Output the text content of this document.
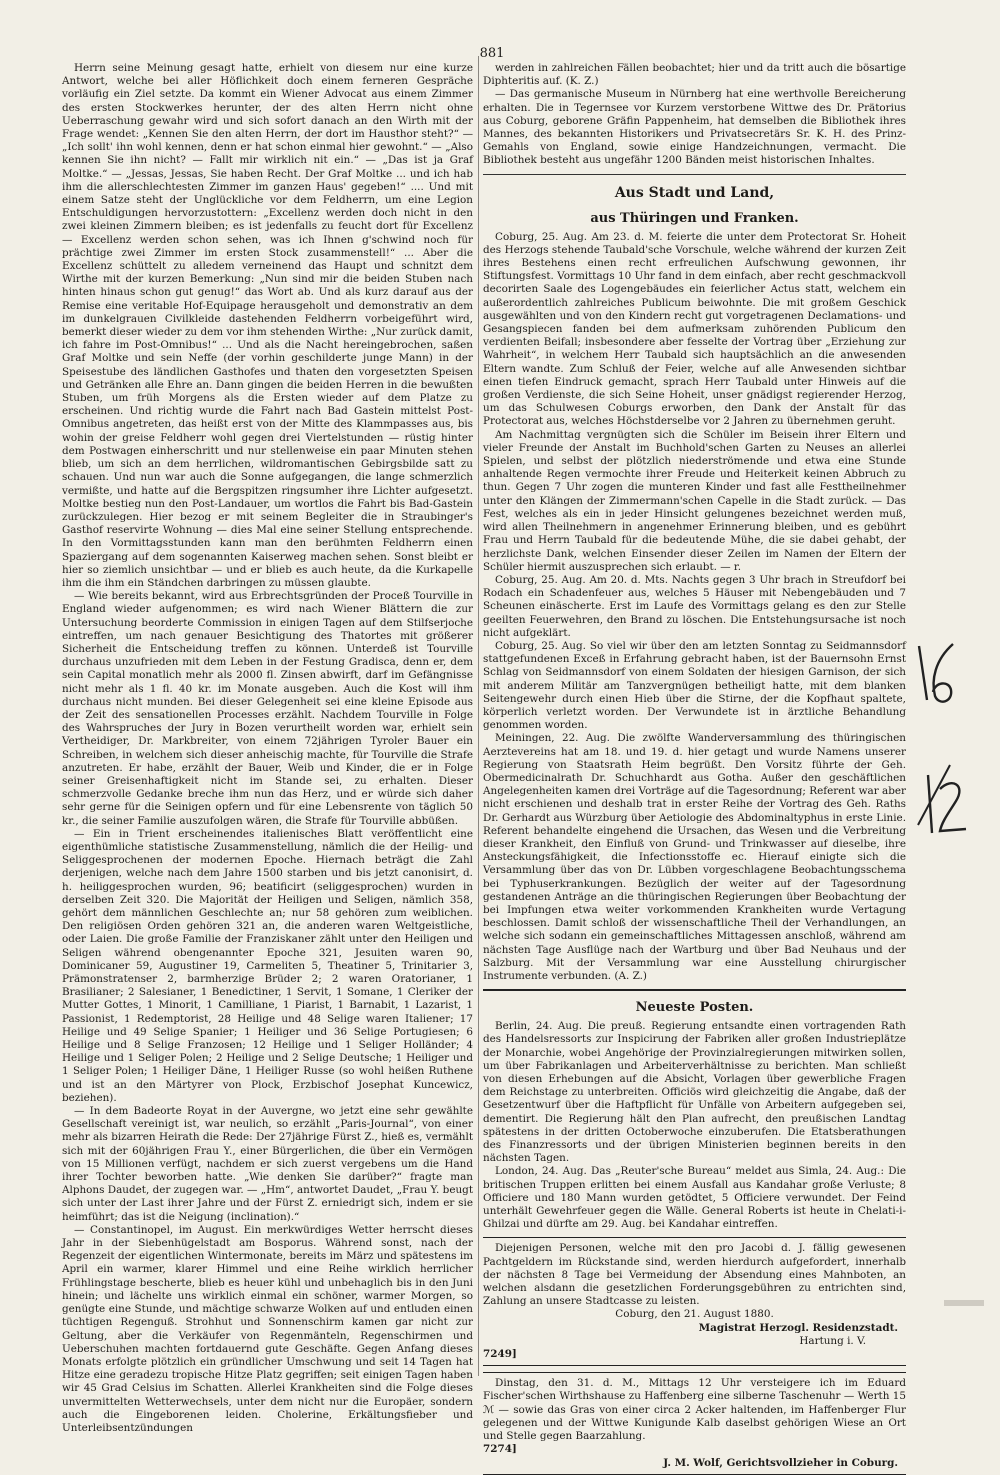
881

Herrn seine Meinung gesagt hatte, erhielt von diesem nur eine kurze Antwort, welche bei aller Höflichkeit doch einem ferneren Gespräche vorläufig ein Ziel setzte. Da kommt ein Wiener Advocat aus einem Zimmer des ersten Stockwerkes herunter, der des alten Herrn nicht ohne Ueberraschung gewahr wird und sich sofort danach an den Wirth mit der Frage wendet: „Kennen Sie den alten Herrn, der dort im Hausthor steht?“ — „Ich sollt' ihn wohl kennen, denn er hat schon einmal hier gewohnt.“ — „Also kennen Sie ihn nicht? — Fallt mir wirklich nit ein.“ — „Das ist ja Graf Moltke.“ — „Jessas, Jessas, Sie haben Recht. Der Graf Moltke ... und ich hab ihm die allerschlechtesten Zimmer im ganzen Haus' gegeben!“ .... Und mit einem Satze steht der Unglückliche vor dem Feldherrn, um eine Legion Entschuldigungen hervorzustottern: „Excellenz werden doch nicht in den zwei kleinen Zimmern bleiben; es ist jedenfalls zu feucht dort für Excellenz — Excellenz werden schon sehen, was ich Ihnen g'schwind noch für prächtige zwei Zimmer im ersten Stock zusammenstell!“ ... Aber die Excellenz schüttelt zu alledem verneinend das Haupt und schnitzt dem Wirthe mit der kurzen Bemerkung: „Nun sind mir die beiden Stuben nach hinten hinaus schon gut genug!“ das Wort ab. Und als kurz darauf aus der Remise eine veritable Hof-Equipage herausgeholt und demonstrativ an dem im dunkelgrauen Civilkleide dastehenden Feldherrn vorbeigeführt wird, bemerkt dieser wieder zu dem vor ihm stehenden Wirthe: „Nur zurück damit, ich fahre im Post-Omnibus!“ ... Und als die Nacht hereingebrochen, saßen Graf Moltke und sein Neffe (der vorhin geschilderte junge Mann) in der Speisestube des ländlichen Gasthofes und thaten den vorgesetzten Speisen und Getränken alle Ehre an. Dann gingen die beiden Herren in die bewußten Stuben, um früh Morgens als die Ersten wieder auf dem Platze zu erscheinen. Und richtig wurde die Fahrt nach Bad Gastein mittelst Post-Omnibus angetreten, das heißt erst von der Mitte des Klammpasses aus, bis wohin der greise Feldherr wohl gegen drei Viertelstunden — rüstig hinter dem Postwagen einherschritt und nur stellenweise ein paar Minuten stehen blieb, um sich an dem herrlichen, wildromantischen Gebirgsbilde satt zu schauen. Und nun war auch die Sonne aufgegangen, die lange schmerzlich vermißte, und hatte auf die Bergspitzen ringsumher ihre Lichter aufgesetzt. Moltke bestieg nun den Post-Landauer, um wortlos die Fahrt bis Bad-Gastein zurückzulegen. Hier bezog er mit seinem Begleiter die in Straubinger's Gasthof reservirte Wohnung — dies Mal eine seiner Stellung entsprechende. In den Vormittagsstunden kann man den berühmten Feldherrn einen Spaziergang auf dem sogenannten Kaiserweg machen sehen. Sonst bleibt er hier so ziemlich unsichtbar — und er blieb es auch heute, da die Kurkapelle ihm die ihm ein Ständchen darbringen zu müssen glaubte.

— Wie bereits bekannt, wird aus Erbrechtsgründen der Proceß Tourville in England wieder aufgenommen; es wird nach Wiener Blättern die zur Untersuchung beorderte Commission in einigen Tagen auf dem Stilfserjoche eintreffen, um nach genauer Besichtigung des Thatortes mit größerer Sicherheit die Entscheidung treffen zu können. Unterdeß ist Tourville durchaus unzufrieden mit dem Leben in der Festung Gradisca, denn er, dem sein Capital monatlich mehr als 2000 fl. Zinsen abwirft, darf im Gefängnisse nicht mehr als 1 fl. 40 kr. im Monate ausgeben. Auch die Kost will ihm durchaus nicht munden. Bei dieser Gelegenheit sei eine kleine Episode aus der Zeit des sensationellen Processes erzählt. Nachdem Tourville in Folge des Wahrspruches der Jury in Bozen verurtheilt worden war, erhielt sein Vertheidiger, Dr. Markbreiter, von einem 72jährigen Tyroler Bauer ein Schreiben, in welchem sich dieser anheischig machte, für Tourville die Strafe anzutreten. Er habe, erzählt der Bauer, Weib und Kinder, die er in Folge seiner Greisenhaftigkeit nicht im Stande sei, zu erhalten. Dieser schmerzvolle Gedanke breche ihm nun das Herz, und er würde sich daher sehr gerne für die Seinigen opfern und für eine Lebensrente von täglich 50 kr., die seiner Familie auszufolgen wären, die Strafe für Tourville abbüßen.

— Ein in Trient erscheinendes italienisches Blatt veröffentlicht eine eigenthümliche statistische Zusammenstellung, nämlich die der Heilig- und Seliggesprochenen der modernen Epoche. Hiernach beträgt die Zahl derjenigen, welche nach dem Jahre 1500 starben und bis jetzt canonisirt, d. h. heiliggesprochen wurden, 96; beatificirt (seliggesprochen) wurden in derselben Zeit 320. Die Majorität der Heiligen und Seligen, nämlich 358, gehört dem männlichen Geschlechte an; nur 58 gehören zum weiblichen. Den religiösen Orden gehören 321 an, die anderen waren Weltgeistliche, oder Laien. Die große Familie der Franziskaner zählt unter den Heiligen und Seligen während obengenannter Epoche 321, Jesuiten waren 90, Dominicaner 59, Augustiner 19, Carmeliten 5, Theatiner 5, Trinitarier 3, Prämonstratenser 2, barmherzige Brüder 2; 2 waren Oratorianer, 1 Brasilianer; 2 Salesianer, 1 Benedictiner, 1 Servit, 1 Somane, 1 Cleriker der Mutter Gottes, 1 Minorit, 1 Camilliane, 1 Piarist, 1 Barnabit, 1 Lazarist, 1 Passionist, 1 Redemptorist, 28 Heilige und 48 Selige waren Italiener; 17 Heilige und 49 Selige Spanier; 1 Heiliger und 36 Selige Portugiesen; 6 Heilige und 8 Selige Franzosen; 12 Heilige und 1 Seliger Holländer; 4 Heilige und 1 Seliger Polen; 2 Heilige und 2 Selige Deutsche; 1 Heiliger und 1 Seliger Polen; 1 Heiliger Däne, 1 Heiliger Russe (so wohl heißen Ruthene und ist an den Märtyrer von Plock, Erzbischof Josephat Kuncewicz, beziehen).

— In dem Badeorte Royat in der Auvergne, wo jetzt eine sehr gewählte Gesellschaft vereinigt ist, war neulich, so erzählt „Paris-Journal“, von einer mehr als bizarren Heirath die Rede: Der 27jährige Fürst Z., hieß es, vermählt sich mit der 60jährigen Frau Y., einer Bürgerlichen, die über ein Vermögen von 15 Millionen verfügt, nachdem er sich zuerst vergebens um die Hand ihrer Tochter beworben hatte. „Wie denken Sie darüber?“ fragte man Alphons Daudet, der zugegen war. — „Hm“, antwortet Daudet, „Frau Y. beugt sich unter der Last ihrer Jahre und der Fürst Z. erniedrigt sich, indem er sie heimführt; das ist die Neigung (inclination).“

— Constantinopel, im August. Ein merkwürdiges Wetter herrscht dieses Jahr in der Siebenhügelstadt am Bosporus. Während sonst, nach der Regenzeit der eigentlichen Wintermonate, bereits im März und spätestens im April ein warmer, klarer Himmel und eine Reihe wirklich herrlicher Frühlingstage bescherte, blieb es heuer kühl und unbehaglich bis in den Juni hinein; und lächelte uns wirklich einmal ein schöner, warmer Morgen, so genügte eine Stunde, und mächtige schwarze Wolken auf und entluden einen tüchtigen Regenguß. Strohhut und Sonnenschirm kamen gar nicht zur Geltung, aber die Verkäufer von Regenmänteln, Regenschirmen und Ueberschuhen machten fortdauernd gute Geschäfte. Gegen Anfang dieses Monats erfolgte plötzlich ein gründlicher Umschwung und seit 14 Tagen hat Hitze eine geradezu tropische Hitze Platz gegriffen; seit einigen Tagen haben wir 45 Grad Celsius im Schatten. Allerlei Krankheiten sind die Folge dieses unvermittelten Wetterwechsels, unter dem nicht nur die Europäer, sondern auch die Eingeborenen leiden. Cholerine, Erkältungsfieber und Unterleibsentzündungen

werden in zahlreichen Fällen beobachtet; hier und da tritt auch die bösartige Diphteritis auf. (K. Z.)

— Das germanische Museum in Nürnberg hat eine werthvolle Bereicherung erhalten. Die in Tegernsee vor Kurzem verstorbene Wittwe des Dr. Prätorius aus Coburg, geborene Gräfin Pappenheim, hat demselben die Bibliothek ihres Mannes, des bekannten Historikers und Privatsecretärs Sr. K. H. des Prinz-Gemahls von England, sowie einige Handzeichnungen, vermacht. Die Bibliothek besteht aus ungefähr 1200 Bänden meist historischen Inhaltes.

Aus Stadt und Land,
aus Thüringen und Franken.

Coburg, 25. Aug. Am 23. d. M. feierte die unter dem Protectorat Sr. Hoheit des Herzogs stehende Taubald'sche Vorschule, welche während der kurzen Zeit ihres Bestehens einen recht erfreulichen Aufschwung gewonnen, ihr Stiftungsfest. Vormittags 10 Uhr fand in dem einfach, aber recht geschmackvoll decorirten Saale des Logengebäudes ein feierlicher Actus statt, welchem ein außerordentlich zahlreiches Publicum beiwohnte. Die mit großem Geschick ausgewählten und von den Kindern recht gut vorgetragenen Declamations- und Gesangspiecen fanden bei dem aufmerksam zuhörenden Publicum den verdienten Beifall; insbesondere aber fesselte der Vortrag über „Erziehung zur Wahrheit“, in welchem Herr Taubald sich hauptsächlich an die anwesenden Eltern wandte. Zum Schluß der Feier, welche auf alle Anwesenden sichtbar einen tiefen Eindruck gemacht, sprach Herr Taubald unter Hinweis auf die großen Verdienste, die sich Seine Hoheit, unser gnädigst regierender Herzog, um das Schulwesen Coburgs erworben, den Dank der Anstalt für das Protectorat aus, welches Höchstderselbe vor 2 Jahren zu übernehmen geruht.

Am Nachmittag vergnügten sich die Schüler im Beisein ihrer Eltern und vieler Freunde der Anstalt im Buchhold'schen Garten zu Neuses an allerlei Spielen, und selbst der plötzlich niederströmende und etwa eine Stunde anhaltende Regen vermochte ihrer Freude und Heiterkeit keinen Abbruch zu thun. Gegen 7 Uhr zogen die munteren Kinder und fast alle Festtheilnehmer unter den Klängen der Zimmermann'schen Capelle in die Stadt zurück. — Das Fest, welches als ein in jeder Hinsicht gelungenes bezeichnet werden muß, wird allen Theilnehmern in angenehmer Erinnerung bleiben, und es gebührt Frau und Herrn Taubald für die bedeutende Mühe, die sie dabei gehabt, der herzlichste Dank, welchen Einsender dieser Zeilen im Namen der Eltern der Schüler hiermit auszusprechen sich erlaubt. — r.

Coburg, 25. Aug. Am 20. d. Mts. Nachts gegen 3 Uhr brach in Streufdorf bei Rodach ein Schadenfeuer aus, welches 5 Häuser mit Nebengebäuden und 7 Scheunen einäscherte. Erst im Laufe des Vormittags gelang es den zur Stelle geeilten Feuerwehren, den Brand zu löschen. Die Entstehungsursache ist noch nicht aufgeklärt.

Coburg, 25. Aug. So viel wir über den am letzten Sonntag zu Seidmannsdorf stattgefundenen Exceß in Erfahrung gebracht haben, ist der Bauernsohn Ernst Schlag von Seidmannsdorf von einem Soldaten der hiesigen Garnison, der sich mit anderem Militär am Tanzvergnügen betheiligt hatte, mit dem blanken Seitengewehr durch einen Hieb über die Stirne, der die Kopfhaut spaltete, körperlich verletzt worden. Der Verwundete ist in ärztliche Behandlung genommen worden.

Meiningen, 22. Aug. Die zwölfte Wanderversammlung des thüringischen Aerztevereins hat am 18. und 19. d. hier getagt und wurde Namens unserer Regierung von Staatsrath Heim begrüßt. Den Vorsitz führte der Geh. Obermedicinalrath Dr. Schuchhardt aus Gotha. Außer den geschäftlichen Angelegenheiten kamen drei Vorträge auf die Tagesordnung; Referent war aber nicht erschienen und deshalb trat in erster Reihe der Vortrag des Geh. Raths Dr. Gerhardt aus Würzburg über Aetiologie des Abdominaltyphus in erste Linie. Referent behandelte eingehend die Ursachen, das Wesen und die Verbreitung dieser Krankheit, den Einfluß von Grund- und Trinkwasser auf dieselbe, ihre Ansteckungsfähigkeit, die Infectionsstoffe ec. Hierauf einigte sich die Versammlung über das von Dr. Lübben vorgeschlagene Beobachtungsschema bei Typhuserkrankungen. Bezüglich der weiter auf der Tagesordnung gestandenen Anträge an die thüringischen Regierungen über Beobachtung der bei Impfungen etwa weiter vorkommenden Krankheiten wurde Vertagung beschlossen. Damit schloß der wissenschaftliche Theil der Verhandlungen, an welche sich sodann ein gemeinschaftliches Mittagessen anschloß, während am nächsten Tage Ausflüge nach der Wartburg und über Bad Neuhaus und der Salzburg. Mit der Versammlung war eine Ausstellung chirurgischer Instrumente verbunden. (A. Z.)

Neueste Posten.

Berlin, 24. Aug. Die preuß. Regierung entsandte einen vortragenden Rath des Handelsressorts zur Inspicirung der Fabriken aller großen Industrieplätze der Monarchie, wobei Angehörige der Provinzialregierungen mitwirken sollen, um über Fabrikanlagen und Arbeiterverhältnisse zu berichten. Man schließt von diesen Erhebungen auf die Absicht, Vorlagen über gewerbliche Fragen dem Reichstage zu unterbreiten. Officiös wird gleichzeitig die Angabe, daß der Gesetzentwurf über die Haftpflicht für Unfälle von Arbeitern aufgegeben sei, dementirt. Die Regierung hält den Plan aufrecht, den preußischen Landtag spätestens in der dritten Octoberwoche einzuberufen. Die Etatsberathungen des Finanzressorts und der übrigen Ministerien beginnen bereits in den nächsten Tagen.

London, 24. Aug. Das „Reuter'sche Bureau“ meldet aus Simla, 24. Aug.: Die britischen Truppen erlitten bei einem Ausfall aus Kandahar große Verluste; 8 Officiere und 180 Mann wurden getödtet, 5 Officiere verwundet. Der Feind unterhält Gewehrfeuer gegen die Wälle. General Roberts ist heute in Chelati-i-Ghilzai und dürfte am 29. Aug. bei Kandahar eintreffen.

Diejenigen Personen, welche mit den pro Jacobi d. J. fällig gewesenen Pachtgeldern im Rückstande sind, werden hierdurch aufgefordert, innerhalb der nächsten 8 Tage bei Vermeidung der Absendung eines Mahnboten, an welchen alsdann die gesetzlichen Forderungsgebühren zu entrichten sind, Zahlung an unsere Stadtcasse zu leisten.

Coburg, den 21. August 1880.
Magistrat Herzogl. Residenzstadt.
Hartung i. V.
7249]

Dinstag, den 31. d. M., Mittags 12 Uhr versteigere ich im Eduard Fischer'schen Wirthshause zu Haffenberg eine silberne Taschenuhr — Werth 15 ℳ — sowie das Gras von einer circa 2 Acker haltenden, im Haffenberger Flur gelegenen und der Wittwe Kunigunde Kalb daselbst gehörigen Wiese an Ort und Stelle gegen Baarzahlung.

7274]
J. M. Wolf, Gerichtsvollzieher in Coburg.
